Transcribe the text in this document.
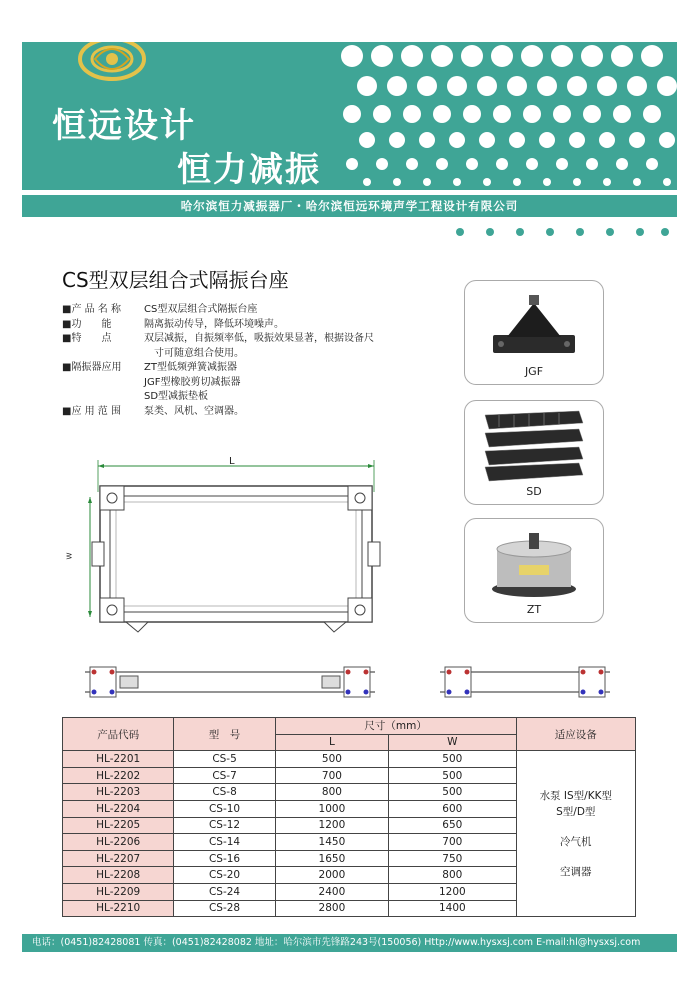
恒远设计
恒力减振
哈尔滨恒力减振器厂・哈尔滨恒远环境声学工程设计有限公司
CS型双层组合式隔振台座
■产 品 名 称	CS型双层组合式隔振台座
■功　　能	隔离振动传导，降低环境噪声。
■特　　点	双层减振，自振频率低，吸振效果显著，根据设备尺
寸可随意组合使用。
■隔振器应用	ZT型低频弹簧减振器
JGF型橡胶剪切减振器
SD型减振垫板
■应 用 范 围	泵类、风机、空调器。
L
W
JGF
SD
ZT
产品代码	型　号	尺寸（mm）		适应设备
		L	W	
HL-2201	CS-5	500	500	水泵 IS型/KK型
S型/D型
冷气机
空调器

HL-2202	CS-7	700	500	
HL-2203	CS-8	800	500	
HL-2204	CS-10	1000	600	
HL-2205	CS-12	1200	650	
HL-2206	CS-14	1450	700	
HL-2207	CS-16	1650	750	
HL-2208	CS-20	2000	800	
HL-2209	CS-24	2400	1200	
HL-2210	CS-28	2800	1400	
电话：(0451)82428081 传真：(0451)82428082 地址：哈尔滨市先锋路243号(150056) Http://www.hysxsj.com E-mail:hl@hysxsj.com
